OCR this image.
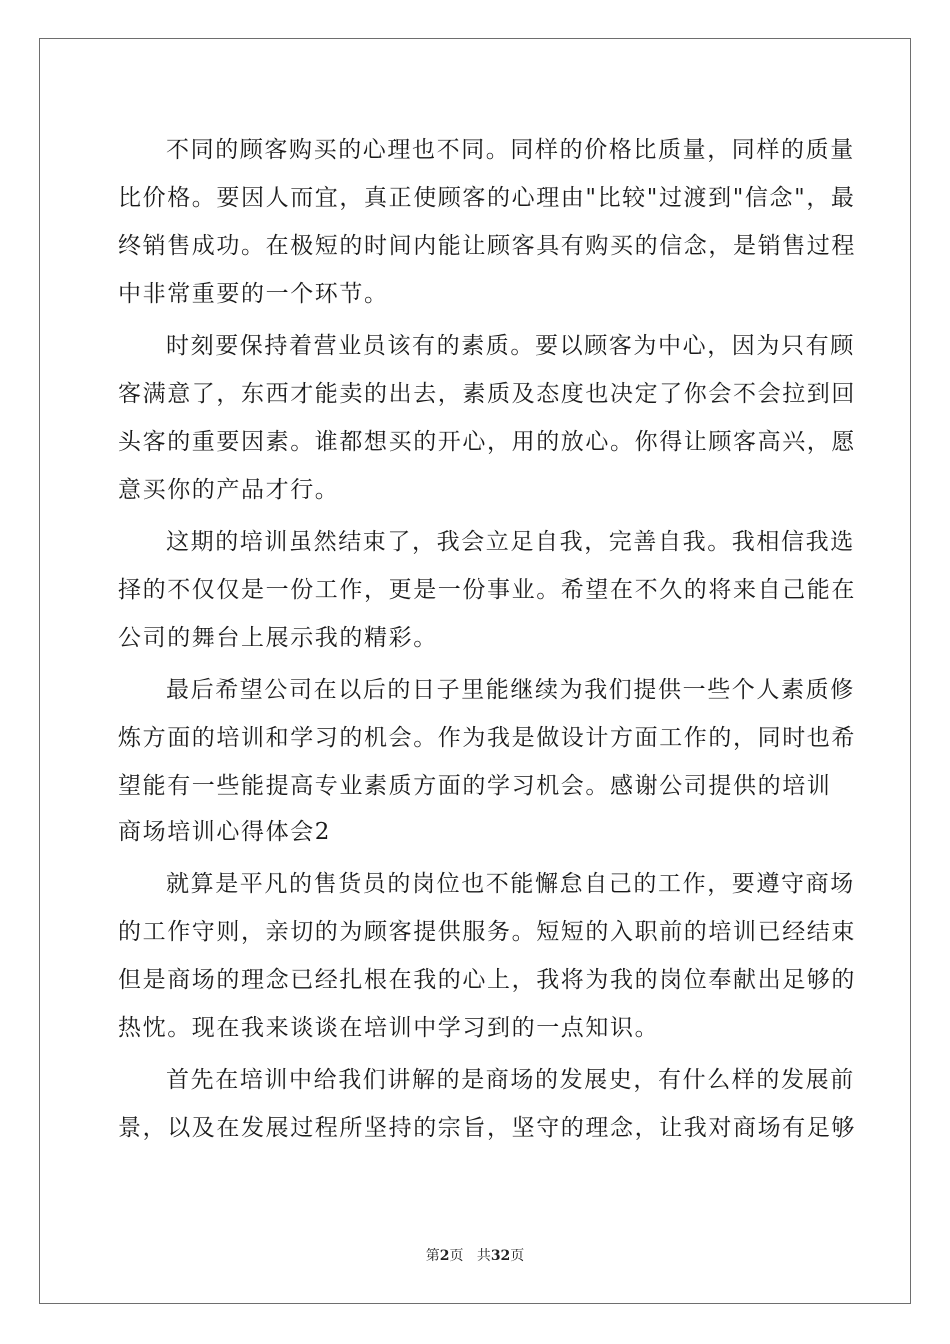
不同的顾客购买的心理也不同。同样的价格比质量，同样的质量
比价格。要因人而宜，真正使顾客的心理由"比较"过渡到"信念"，最
终销售成功。在极短的时间内能让顾客具有购买的信念，是销售过程
中非常重要的一个环节。
时刻要保持着营业员该有的素质。要以顾客为中心，因为只有顾
客满意了，东西才能卖的出去，素质及态度也决定了你会不会拉到回
头客的重要因素。谁都想买的开心，用的放心。你得让顾客高兴，愿
意买你的产品才行。
这期的培训虽然结束了，我会立足自我，完善自我。我相信我选
择的不仅仅是一份工作，更是一份事业。希望在不久的将来自己能在
公司的舞台上展示我的精彩。
最后希望公司在以后的日子里能继续为我们提供一些个人素质修
炼方面的培训和学习的机会。作为我是做设计方面工作的，同时也希
望能有一些能提高专业素质方面的学习机会。感谢公司提供的培训
商场培训心得体会2
就算是平凡的售货员的岗位也不能懈怠自己的工作，要遵守商场
的工作守则，亲切的为顾客提供服务。短短的入职前的培训已经结束
但是商场的理念已经扎根在我的心上，我将为我的岗位奉献出足够的
热忱。现在我来谈谈在培训中学习到的一点知识。
首先在培训中给我们讲解的是商场的发展史，有什么样的发展前
景，以及在发展过程所坚持的宗旨，坚守的理念，让我对商场有足够
第2页 共32页
